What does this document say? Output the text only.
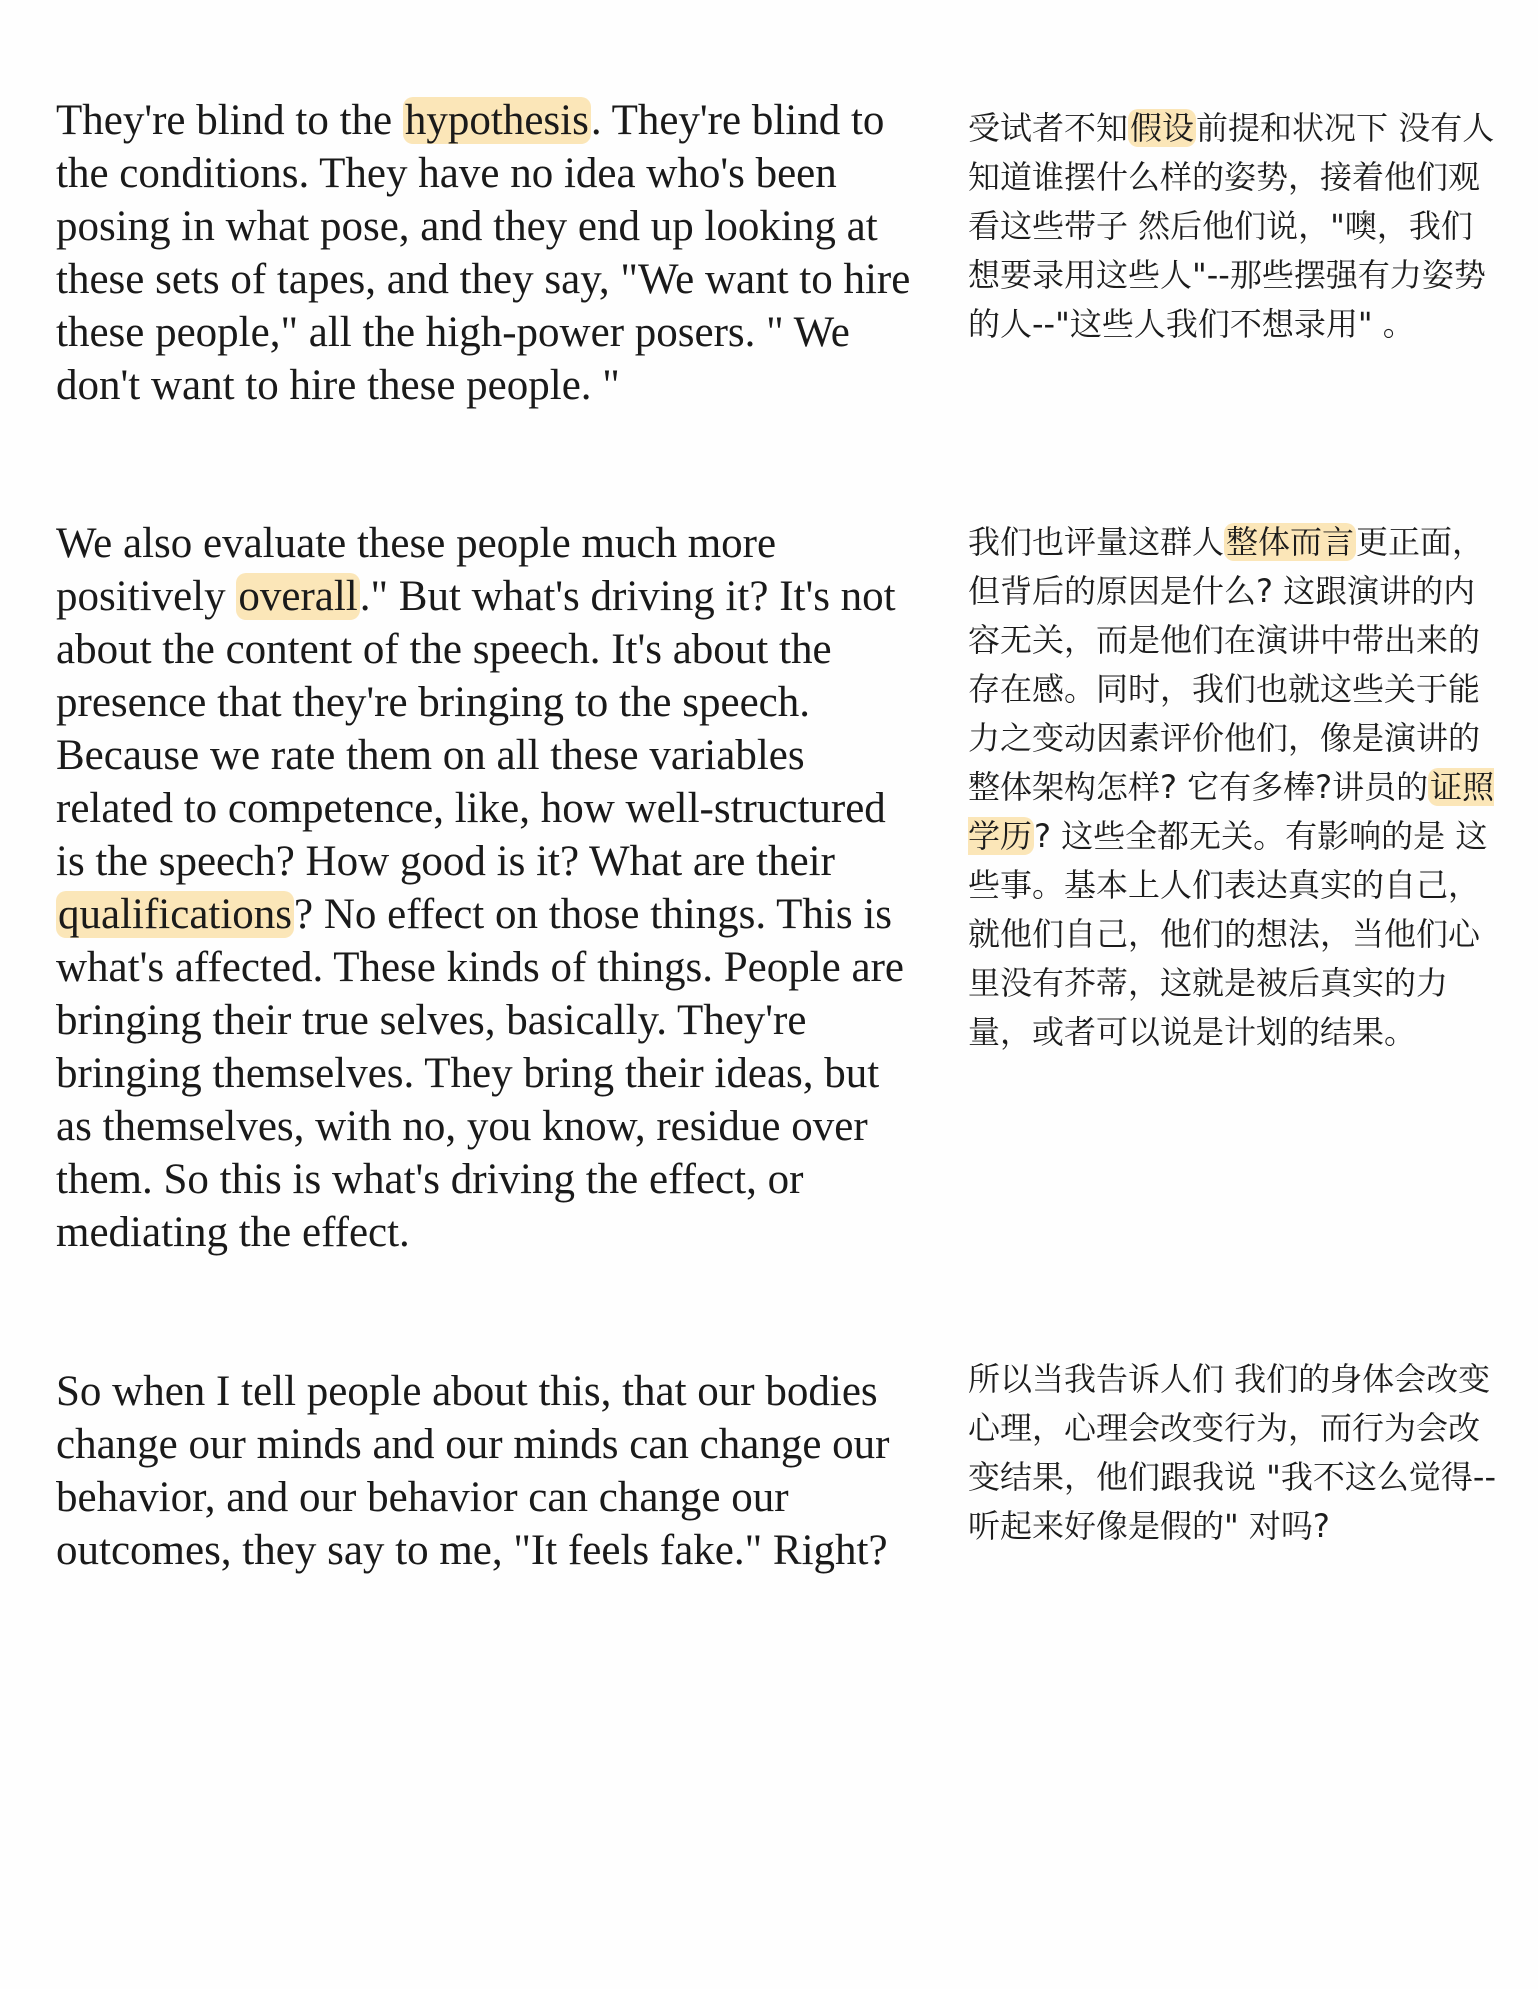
They're blind to the hypothesis. They're blind to the conditions. They have no idea who's been posing in what pose, and they end up looking at these sets of tapes, and they say, "We want to hire these people," all the high-power posers. " We don't want to hire these people. "

受试者不知假设前提和状况下 没有人知道谁摆什么样的姿势，接着他们观看这些带子 然后他们说，"噢，我们想要录用这些人"--那些摆强有力姿势的人--"这些人我们不想录用" 。

We also evaluate these people much more positively overall." But what's driving it? It's not about the content of the speech. It's about the presence that they're bringing to the speech. Because we rate them on all these variables related to competence, like, how well-structured is the speech? How good is it? What are their qualifications? No effect on those things. This is what's affected. These kinds of things. People are bringing their true selves, basically. They're bringing themselves. They bring their ideas, but as themselves, with no, you know, residue over them. So this is what's driving the effect, or mediating the effect.

我们也评量这群人整体而言更正面，但背后的原因是什么? 这跟演讲的内容无关，而是他们在演讲中带出来的存在感。同时，我们也就这些关于能力之变动因素评价他们，像是演讲的整体架构怎样? 它有多棒?讲员的证照学历? 这些全都无关。有影响的是 这些事。基本上人们表达真实的自己，就他们自己，他们的想法，当他们心里没有芥蒂，这就是被后真实的力量，或者可以说是计划的结果。

So when I tell people about this, that our bodies change our minds and our minds can change our behavior, and our behavior can change our outcomes, they say to me, "It feels fake." Right?

所以当我告诉人们 我们的身体会改变心理，心理会改变行为，而行为会改变结果，他们跟我说 "我不这么觉得--听起来好像是假的" 对吗?
